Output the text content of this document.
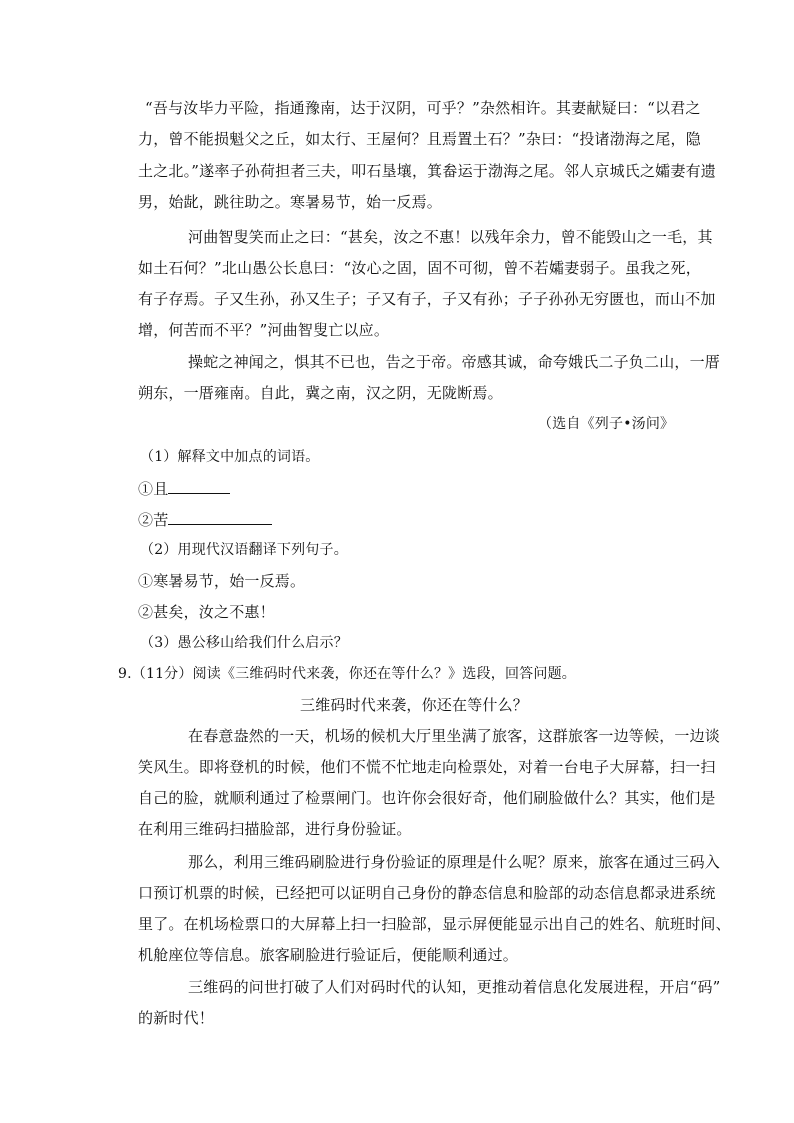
“吾与汝毕力平险，指通豫南，达于汉阴，可乎？”杂然相许。其妻献疑曰：“以君之
力，曾不能损魁父之丘，如太行、王屋何？且焉置土石？”杂曰：“投诸渤海之尾，隐
土之北。”遂率子孙荷担者三夫，叩石垦壤，箕畚运于渤海之尾。邻人京城氏之孀妻有遗
男，始龀，跳往助之。寒暑易节，始一反焉。
河曲智叟笑而止之曰：“甚矣，汝之不惠！以残年余力，曾不能毁山之一毛，其
如土石何？”北山愚公长息曰：“汝心之固，固不可彻，曾不若孀妻弱子。虽我之死，
有子存焉。子又生孙，孙又生子；子又有子，子又有孙；子子孙孙无穷匮也，而山不加
增，何苦而不平？”河曲智叟亡以应。
操蛇之神闻之，惧其不已也，告之于帝。帝感其诚，命夸娥氏二子负二山，一厝
朔东，一厝雍南。自此，冀之南，汉之阴，无陇断焉。
（选自《列子•汤问》
（1）解释文中加点的词语。
①且
②苦
（2）用现代汉语翻译下列句子。
①寒暑易节，始一反焉。
②甚矣，汝之不惠！
（3）愚公移山给我们什么启示？
9.（11分）阅读《三维码时代来袭，你还在等什么？》选段，回答问题。
三维码时代来袭，你还在等什么？
在春意盎然的一天，机场的候机大厅里坐满了旅客，这群旅客一边等候，一边谈
笑风生。即将登机的时候，他们不慌不忙地走向检票处，对着一台电子大屏幕，扫一扫
自己的脸，就顺利通过了检票闸门。也许你会很好奇，他们刷脸做什么？其实，他们是
在利用三维码扫描脸部，进行身份验证。
那么，利用三维码刷脸进行身份验证的原理是什么呢？原来，旅客在通过三码入
口预订机票的时候，已经把可以证明自己身份的静态信息和脸部的动态信息都录进系统
里了。在机场检票口的大屏幕上扫一扫脸部，显示屏便能显示出自己的姓名、航班时间、
机舱座位等信息。旅客刷脸进行验证后，便能顺利通过。
三维码的问世打破了人们对码时代的认知，更推动着信息化发展进程，开启“码”
的新时代！
